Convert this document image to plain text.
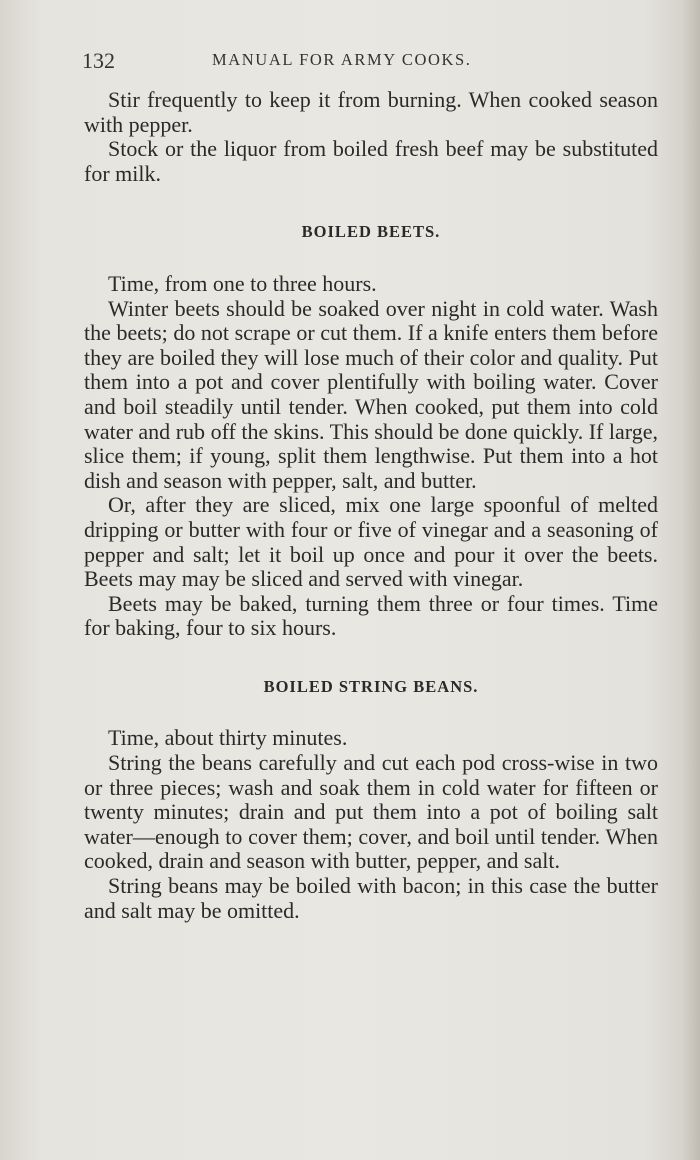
132	MANUAL FOR ARMY COOKS.

Stir frequently to keep it from burning. When cooked season with pepper.

Stock or the liquor from boiled fresh beef may be substituted for milk.

BOILED BEETS.

Time, from one to three hours.

Winter beets should be soaked over night in cold water. Wash the beets; do not scrape or cut them. If a knife enters them before they are boiled they will lose much of their color and quality. Put them into a pot and cover plentifully with boiling water. Cover and boil steadily until tender. When cooked, put them into cold water and rub off the skins. This should be done quickly. If large, slice them; if young, split them lengthwise. Put them into a hot dish and season with pepper, salt, and butter.

Or, after they are sliced, mix one large spoonful of melted dripping or butter with four or five of vinegar and a seasoning of pepper and salt; let it boil up once and pour it over the beets. Beets may may be sliced and served with vinegar.

Beets may be baked, turning them three or four times. Time for baking, four to six hours.

BOILED STRING BEANS.

Time, about thirty minutes.

String the beans carefully and cut each pod cross-wise in two or three pieces; wash and soak them in cold water for fifteen or twenty minutes; drain and put them into a pot of boiling salt water—enough to cover them; cover, and boil until tender. When cooked, drain and season with butter, pepper, and salt.

String beans may be boiled with bacon; in this case the butter and salt may be omitted.
